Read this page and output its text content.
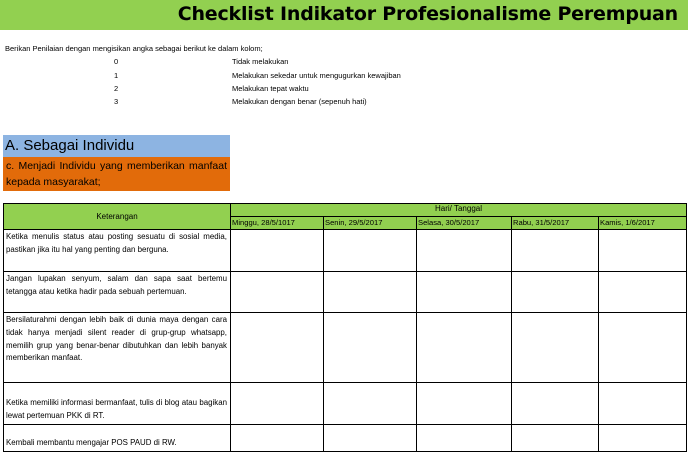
Checklist Indikator Profesionalisme Perempuan
Berikan Penilaian dengan mengisikan angka sebagai berikut ke dalam kolom;
0	Tidak melakukan
1	Melakukan sekedar untuk mengugurkan kewajiban
2	Melakukan tepat waktu
3	Melakukan dengan benar (sepenuh hati)
A. Sebagai Individu
c. Menjadi Individu yang memberikan manfaat kepada masyarakat;
Keterangan	Hari/ Tanggal				
	Minggu, 28/5/1017	Senin, 29/5/2017	Selasa, 30/5/2017	Rabu, 31/5/2017	Kamis, 1/6/2017
Ketika menulis status atau posting sesuatu di sosial media, pastikan jika itu hal yang penting dan berguna.					
Jangan lupakan senyum, salam dan sapa saat bertemu tetangga atau ketika hadir pada sebuah pertemuan.					
Bersilaturahmi dengan lebih baik di dunia maya dengan cara tidak hanya menjadi silent reader di grup-grup whatsapp, memilih grup yang benar-benar dibutuhkan dan lebih banyak memberikan manfaat.					
Ketika memiliki informasi bermanfaat, tulis di blog atau bagikan lewat pertemuan PKK di RT.					
Kembali membantu mengajar POS PAUD di RW.					
